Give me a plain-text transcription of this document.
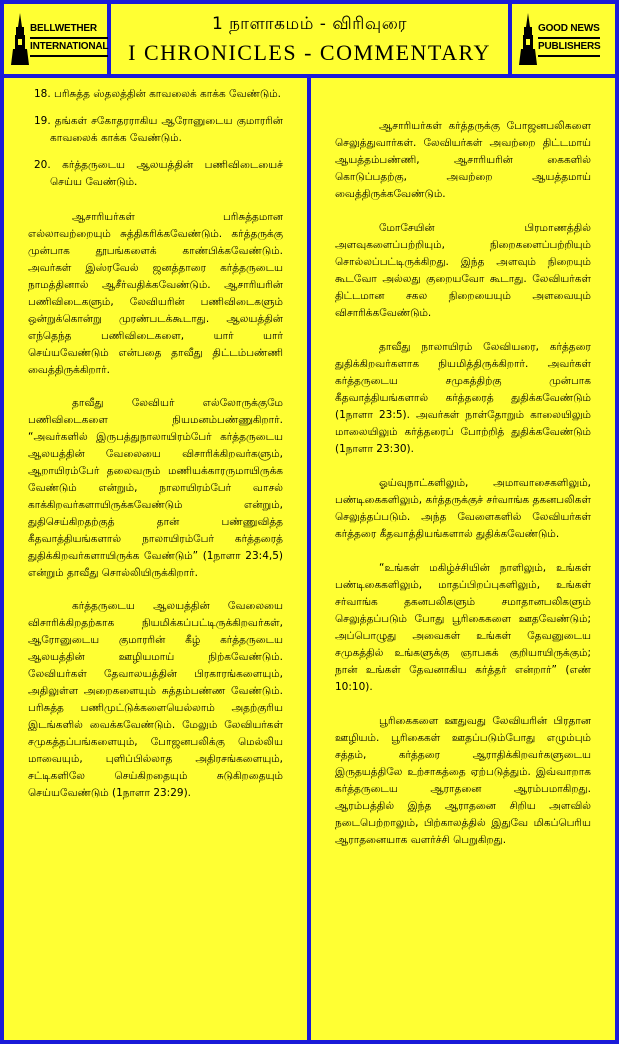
BELLWETHER
INTERNATIONAL
1 நாளாகமம் - விரிவுரை
I CHRONICLES - COMMENTARY
GOOD NEWS
PUBLISHERS

18. பரிசுத்த ஸ்தலத்தின் காவலைக் காக்க வேண்டும்.

19. தங்கள் சகோதரராகிய ஆரோனுடைய குமாரரின் காவலைக் காக்க வேண்டும்.

20. கர்த்தருடைய ஆலயத்தின் பணிவிடையைச் செய்ய வேண்டும்.

ஆசாரியர்கள் பரிசுத்தமான எல்லாவற்றையும் சுத்திகரிக்கவேண்டும். கர்த்தருக்கு முன்பாக தூபங்களைக் காண்பிக்கவேண்டும். அவர்கள் இஸ்ரவேல் ஜனத்தாரை கர்த்தருடைய நாமத்தினால் ஆசீர்வதிக்கவேண்டும். ஆசாரியரின் பணிவிடைகளும், லேவியரின் பணிவிடைகளும் ஒன்றுக்கொன்று முரண்படக்கூடாது. ஆலயத்தின் எந்தெந்த பணிவிடைகளை, யார் யார் செய்யவேண்டும் என்பதை தாவீது திட்டம்பண்ணி வைத்திருக்கிறார்.

தாவீது லேவியர் எல்லோருக்குமே பணிவிடைகளை நியமனம்பண்ணுகிறார். “அவர்களில் இருபத்துநாலாயிரம்பேர் கர்த்தருடைய ஆலயத்தின் வேலையை விசாரிக்கிறவர்களும், ஆறாயிரம்பேர் தலைவரும் மணியக்காரருமாயிருக்க வேண்டும் என்றும், நாலாயிரம்பேர் வாசல் காக்கிறவர்களாயிருக்கவேண்டும் என்றும், துதிசெய்கிறதற்குத் தான் பண்ணுவித்த கீதவாத்தியங்களால் நாலாயிரம்பேர் கர்த்தரைத் துதிக்கிறவர்களாயிருக்க வேண்டும்” (1நாளா 23:4,5) என்றும் தாவீது சொல்லியிருக்கிறார்.

கர்த்தருடைய ஆலயத்தின் வேலையை விசாரிக்கிறதற்காக நியமிக்கப்பட்டிருக்கிறவர்கள், ஆரோனுடைய குமாரரின் கீழ் கர்த்தருடைய ஆலயத்தின் ஊழியமாய் நிற்கவேண்டும். லேவியர்கள் தேவாலயத்தின் பிரகாரங்களையும், அதிலுள்ள அறைகளையும் சுத்தம்பண்ண வேண்டும். பரிசுத்த பணிமுட்டுக்களையெல்லாம் அதற்குரிய இடங்களில் வைக்கவேண்டும். மேலும் லேவியர்கள் சமுகத்தப்பங்களையும், போஜனபலிக்கு மெல்லிய மாவையும், புளிப்பில்லாத அதிரசங்களையும், சட்டிகளிலே செய்கிறதையும் சுடுகிறதையும் செய்யவேண்டும் (1நாளா 23:29).

ஆசாரியர்கள் கர்த்தருக்கு போஜனபலிகளை செலுத்துவார்கள். லேவியர்கள் அவற்றை திட்டமாய் ஆயத்தம்பண்ணி, ஆசாரியரின் கைகளில் கொடுப்பதற்கு, அவற்றை ஆயத்தமாய் வைத்திருக்கவேண்டும்.

மோசேயின் பிரமாணத்தில் அளவுகளைப்பற்றியும், நிறைகளைப்பற்றியும் சொல்லப்பட்டிருக்கிறது. இந்த அளவும் நிறையும் கூடவோ அல்லது குறையவோ கூடாது. லேவியர்கள் திட்டமான சகல நிறையையும் அளவையும் விசாரிக்கவேண்டும்.

தாவீது நாலாயிரம் லேவியரை, கர்த்தரை துதிக்கிறவர்களாக நியமித்திருக்கிறார். அவர்கள் கர்த்தருடைய சமுகத்திற்கு முன்பாக கீதவாத்தியங்களால் கர்த்தரைத் துதிக்கவேண்டும் (1நாளா 23:5). அவர்கள் நாள்தோறும் காலையிலும் மாலையிலும் கர்த்தரைப் போற்றித் துதிக்கவேண்டும் (1நாளா 23:30).

ஓய்வுநாட்களிலும், அமாவாசைகளிலும், பண்டிகைகளிலும், கர்த்தருக்குச் சர்வாங்க தகனபலிகள் செலுத்தப்படும். அந்த வேளைகளில் லேவியர்கள் கர்த்தரை கீதவாத்தியங்களால் துதிக்கவேண்டும்.

“உங்கள் மகிழ்ச்சியின் நாளிலும், உங்கள் பண்டிகைகளிலும், மாதப்பிறப்புகளிலும், உங்கள் சர்வாங்க தகனபலிகளும் சமாதானபலிகளும் செலுத்தப்படும் போது பூரிகைகளை ஊதவேண்டும்; அப்பொழுது அவைகள் உங்கள் தேவனுடைய சமுகத்தில் உங்களுக்கு ஞாபகக் குறியாயிருக்கும்; நான் உங்கள் தேவனாகிய கர்த்தர் என்றார்” (எண் 10:10).

பூரிகைகளை ஊதுவது லேவியரின் பிரதான ஊழியம். பூரிகைகள் ஊதப்படும்போது எழும்பும் சத்தம், கர்த்தரை ஆராதிக்கிறவர்களுடைய இருதயத்திலே உற்சாகத்தை ஏற்படுத்தும். இவ்வாறாக கர்த்தருடைய ஆராதனை ஆரம்பமாகிறது. ஆரம்பத்தில் இந்த ஆராதனை சிறிய அளவில் நடைபெற்றாலும், பிற்காலத்தில் இதுவே மிகப்பெரிய ஆராதனையாக வளர்ச்சி பெறுகிறது.
